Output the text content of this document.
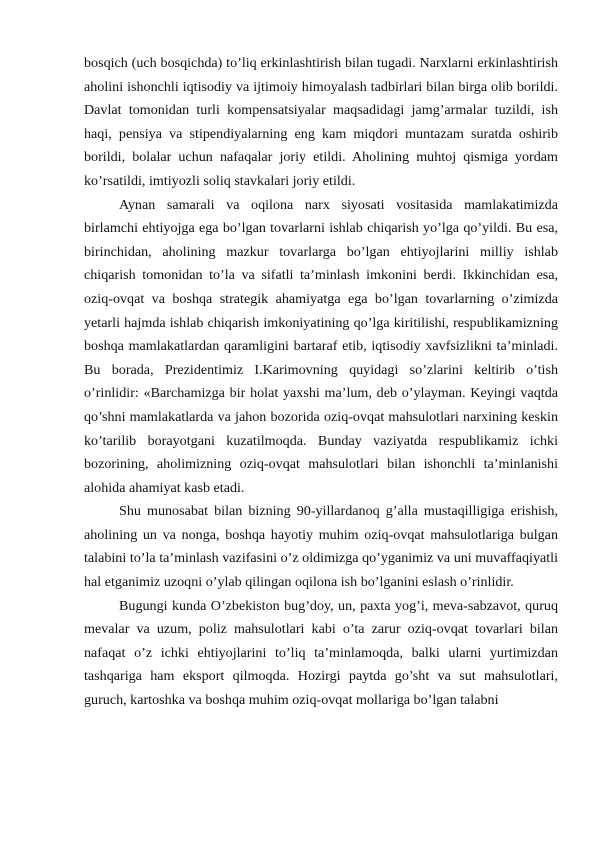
bosqich (uch bosqichda) to’liq erkinlashtirish bilan tugadi. Narxlarni erkinlashtirish aholini ishonchli iqtisodiy va ijtimoiy himoyalash tadbirlari bilan birga olib borildi. Davlat tomonidan turli kompensatsiyalar maqsadidagi jamg’armalar tuzildi, ish haqi, pensiya va stipendiyalarning eng kam miqdori muntazam suratda oshirib borildi, bolalar uchun nafaqalar joriy etildi. Aholining muhtoj qismiga yordam ko’rsatildi, imtiyozli soliq stavkalari joriy etildi.

Aynan samarali va oqilona narx siyosati vositasida mamlakatimizda birlamchi ehtiyojga ega bo’lgan tovarlarni ishlab chiqarish yo’lga qo’yildi. Bu esa, birinchidan, aholining mazkur tovarlarga bo’lgan ehtiyojlarini milliy ishlab chiqarish tomonidan to’la va sifatli ta’minlash imkonini berdi. Ikkinchidan esa, oziq-ovqat va boshqa strategik ahamiyatga ega bo’lgan tovarlarning o’zimizda yetarli hajmda ishlab chiqarish imkoniyatining qo’lga kiritilishi, respublikamizning boshqa mamlakatlardan qaramligini bartaraf etib, iqtisodiy xavfsizlikni ta’minladi. Bu borada, Prezidentimiz I.Karimovning quyidagi so’zlarini keltirib o’tish o’rinlidir: «Barchamizga bir holat yaxshi ma’lum, deb o’ylayman. Keyingi vaqtda qo’shni mamlakatlarda va jahon bozorida oziq-ovqat mahsulotlari narxining keskin ko’tarilib borayotgani kuzatilmoqda. Bunday vaziyatda respublikamiz ichki bozorining, aholimizning oziq-ovqat mahsulotlari bilan ishonchli ta’minlanishi alohida ahamiyat kasb etadi.

Shu munosabat bilan bizning 90-yillardanoq g’alla mustaqilligiga erishish, aholining un va nonga, boshqa hayotiy muhim oziq-ovqat mahsulotlariga bulgan talabini to’la ta’minlash vazifasini o’z oldimizga qo’yganimiz va uni muvaffaqiyatli hal etganimiz uzoqni o’ylab qilingan oqilona ish bo’lganini eslash o’rinlidir.

Bugungi kunda O’zbekiston bug’doy, un, paxta yog’i, meva-sabzavot, quruq mevalar va uzum, poliz mahsulotlari kabi o’ta zarur oziq-ovqat tovarlari bilan nafaqat o’z ichki ehtiyojlarini to’liq ta’minlamoqda, balki ularni yurtimizdan tashqariga ham eksport qilmoqda. Hozirgi paytda go’sht va sut mahsulotlari, guruch, kartoshka va boshqa muhim oziq-ovqat mollariga bo’lgan talabni
